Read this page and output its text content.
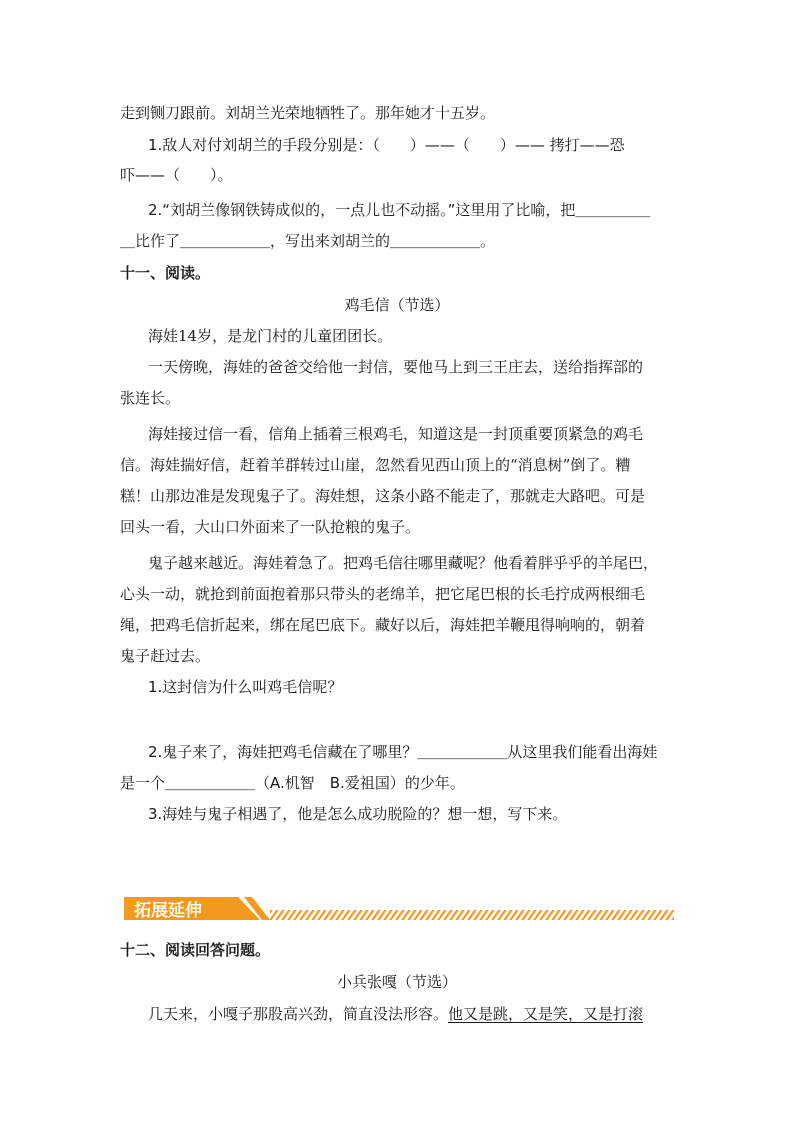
走到铡刀跟前。刘胡兰光荣地牺牲了。那年她才十五岁。
1.敌人对付刘胡兰的手段分别是：（　　）——（　　）—— 拷打——恐
吓——（　　）。
2.“刘胡兰像钢铁铸成似的，一点儿也不动摇。”这里用了比喻，把＿＿＿＿＿
＿比作了＿＿＿＿＿＿，写出来刘胡兰的＿＿＿＿＿＿。
十一、阅读。
鸡毛信（节选）
海娃14岁，是龙门村的儿童团团长。
一天傍晚，海娃的爸爸交给他一封信，要他马上到三王庄去，送给指挥部的
张连长。
海娃接过信一看，信角上插着三根鸡毛，知道这是一封顶重要顶紧急的鸡毛
信。海娃揣好信，赶着羊群转过山崖，忽然看见西山顶上的“消息树”倒了。糟
糕！山那边准是发现鬼子了。海娃想，这条小路不能走了，那就走大路吧。可是
回头一看，大山口外面来了一队抢粮的鬼子。
鬼子越来越近。海娃着急了。把鸡毛信往哪里藏呢？他看着胖乎乎的羊尾巴，
心头一动，就抢到前面抱着那只带头的老绵羊，把它尾巴根的长毛拧成两根细毛
绳，把鸡毛信折起来，绑在尾巴底下。藏好以后，海娃把羊鞭甩得响响的，朝着
鬼子赶过去。
1.这封信为什么叫鸡毛信呢？
2.鬼子来了，海娃把鸡毛信藏在了哪里？＿＿＿＿＿＿从这里我们能看出海娃
是一个＿＿＿＿＿＿（A.机智　B.爱祖国）的少年。
3.海娃与鬼子相遇了，他是怎么成功脱险的？想一想，写下来。
拓展延伸
十二、阅读回答问题。
小兵张嘎（节选）
几天来，小嘎子那股高兴劲，简直没法形容。他又是跳，又是笑，又是打滚
